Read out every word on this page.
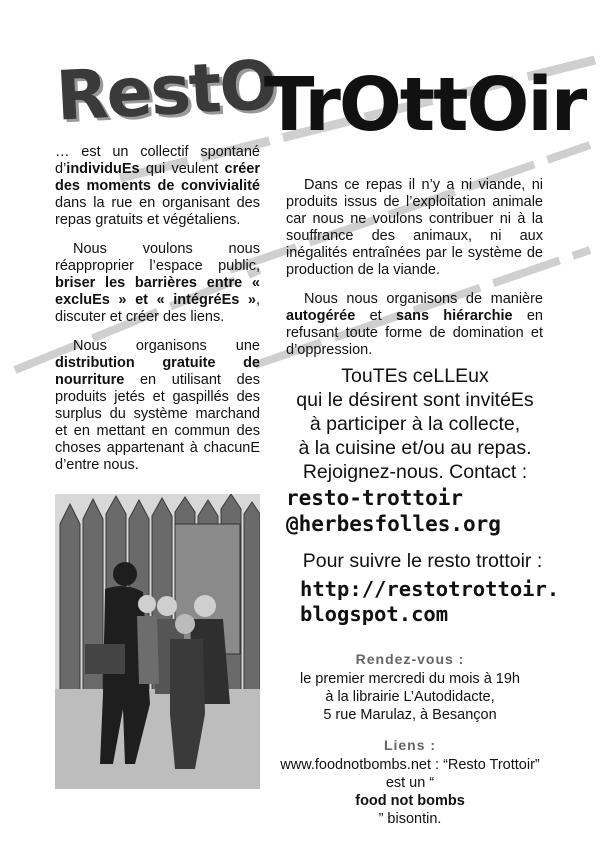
RestO
TrOttOir

… est un collectif spontané d’individuEs qui veulent créer des moments de convivialité dans la rue en organisant des repas gratuits et végétaliens.

Nous voulons nous réapproprier l’espace public, briser les barrières entre « excluEs » et « intégréEs », discuter et créer des liens.

Nous organisons une distribution gratuite de nourriture en utilisant des produits jetés et gaspillés des surplus du système marchand et en mettant en commun des choses appartenant à chacunE d’entre nous.

Dans ce repas il n’y a ni viande, ni produits issus de l’exploitation animale car nous ne voulons contribuer ni à la souffrance des animaux, ni aux inégalités entraînées par le système de production de la viande.

Nous nous organisons de manière autogérée et sans hiérarchie en refusant toute forme de domination et d’oppression.

TouTEs ceLLEux
qui le désirent sont invitéEs
à participer à la collecte,
à la cuisine et/ou au repas.
Rejoignez-nous. Contact :
resto-trottoir
@herbesfolles.org
Pour suivre le resto trottoir :
http://restotrottoir.
blogspot.com
Rendez-vous :
le premier mercredi du mois à 19h
à la librairie L’Autodidacte,
5 rue Marulaz, à Besançon
Liens :
www.foodnotbombs.net : “Resto Trottoir”
est un “
food not bombs
” bisontin.
